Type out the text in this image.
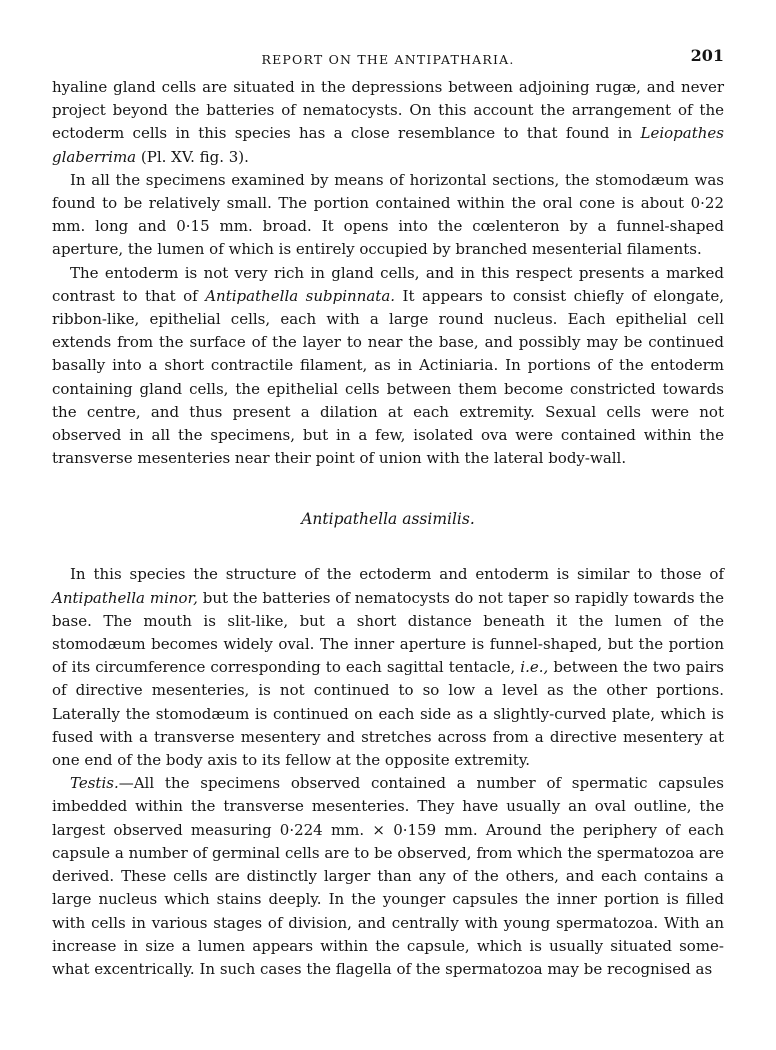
REPORT ON THE ANTIPATHARIA.	201

hyaline gland cells are situated in the depressions between adjoining rugæ, and never project beyond the batteries of nematocysts. On this account the arrangement of the ectoderm cells in this species has a close resemblance to that found in Leiopathes glaberrima (Pl. XV. fig. 3).

In all the specimens examined by means of horizontal sections, the stomodæum was found to be relatively small. The portion contained within the oral cone is about 0·22 mm. long and 0·15 mm. broad. It opens into the cœlenteron by a funnel-shaped aperture, the lumen of which is entirely occupied by branched mesenterial filaments.

The entoderm is not very rich in gland cells, and in this respect presents a marked contrast to that of Antipathella subpinnata. It appears to consist chiefly of elongate, ribbon-like, epithelial cells, each with a large round nucleus. Each epithelial cell extends from the surface of the layer to near the base, and possibly may be continued basally into a short contractile filament, as in Actiniaria. In portions of the entoderm containing gland cells, the epithelial cells between them become constricted towards the centre, and thus present a dilation at each extremity. Sexual cells were not observed in all the specimens, but in a few, isolated ova were contained within the transverse mesenteries near their point of union with the lateral body-wall.

Antipathella assimilis.

In this species the structure of the ectoderm and entoderm is similar to those of Antipathella minor, but the batteries of nematocysts do not taper so rapidly towards the base. The mouth is slit-like, but a short distance beneath it the lumen of the stomodæum becomes widely oval. The inner aperture is funnel-shaped, but the portion of its circumference corresponding to each sagittal tentacle, i.e., between the two pairs of directive mesenteries, is not continued to so low a level as the other portions. Laterally the stomodæum is continued on each side as a slightly-curved plate, which is fused with a transverse mesentery and stretches across from a directive mesentery at one end of the body axis to its fellow at the opposite extremity.

Testis.—All the specimens observed contained a number of spermatic capsules imbedded within the transverse mesenteries. They have usually an oval outline, the largest observed measuring 0·224 mm. × 0·159 mm. Around the periphery of each capsule a number of germinal cells are to be observed, from which the spermatozoa are derived. These cells are distinctly larger than any of the others, and each contains a large nucleus which stains deeply. In the younger capsules the inner portion is filled with cells in various stages of division, and centrally with young spermatozoa. With an increase in size a lumen appears within the capsule, which is usually situated some-what excentrically. In such cases the flagella of the spermatozoa may be recognised as
